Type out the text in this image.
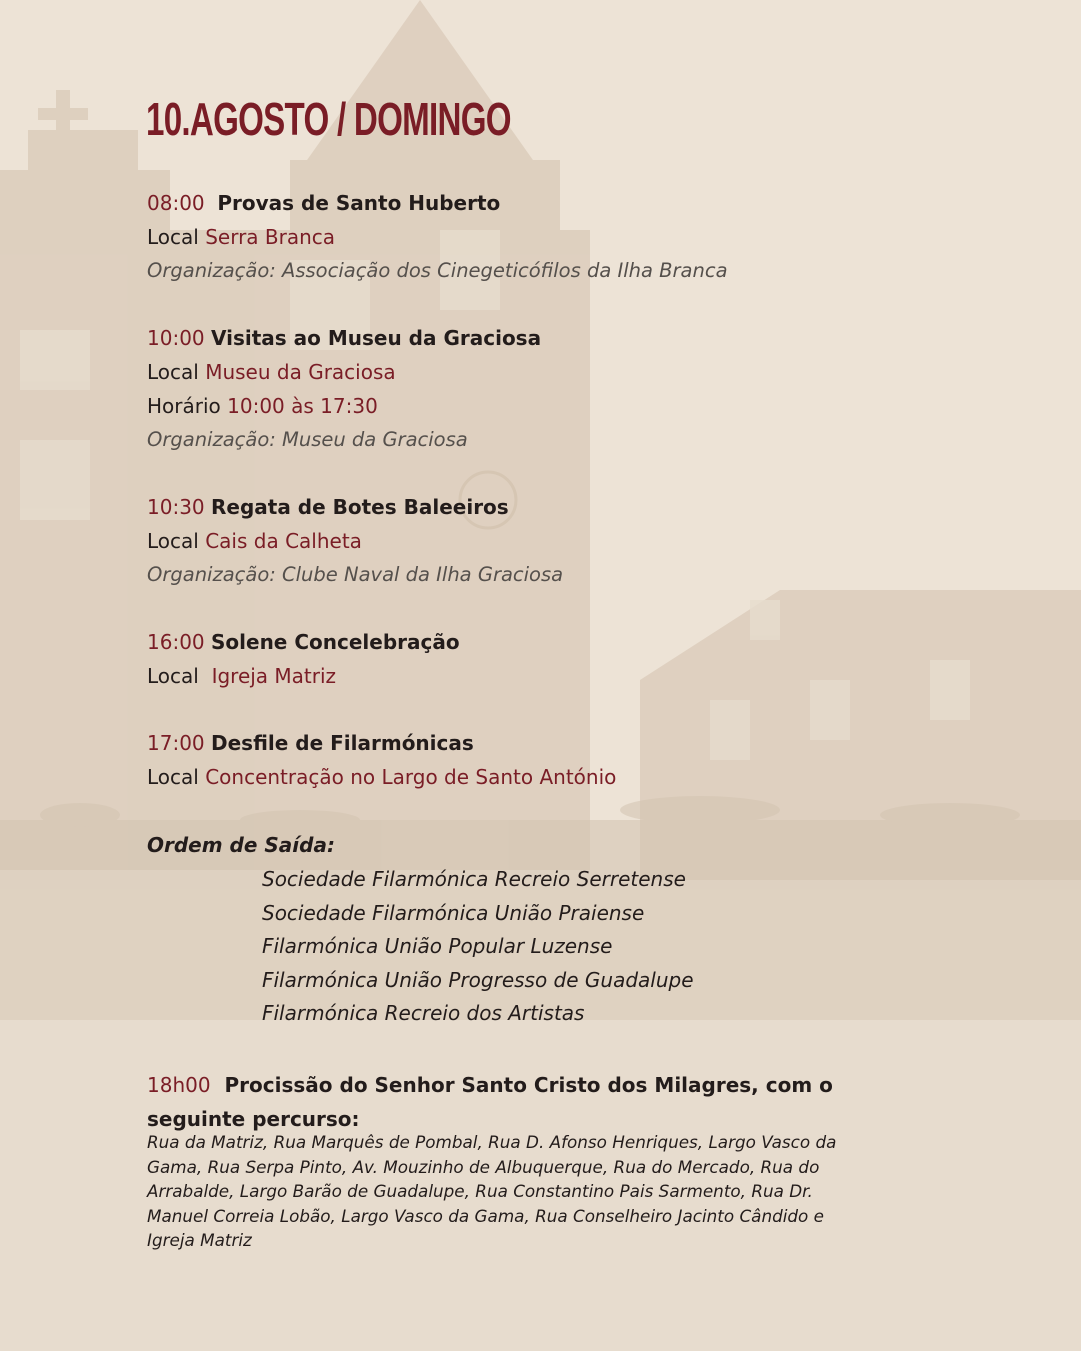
10.AGOSTO / DOMINGO
08:00 Provas de Santo Huberto
Local Serra Branca
Organização: Associação dos Cinegeticófilos da Ilha Branca
10:00 Visitas ao Museu da Graciosa
Local Museu da Graciosa
Horário 10:00 às 17:30
Organização: Museu da Graciosa
10:30 Regata de Botes Baleeiros
Local Cais da Calheta
Organização: Clube Naval da Ilha Graciosa
16:00 Solene Concelebração
Local Igreja Matriz
17:00 Desfile de Filarmónicas
Local Concentração no Largo de Santo António
Ordem de Saída:
Sociedade Filarmónica Recreio Serretense
Sociedade Filarmónica União Praiense
Filarmónica União Popular Luzense
Filarmónica União Progresso de Guadalupe
Filarmónica Recreio dos Artistas
18h00 Procissão do Senhor Santo Cristo dos Milagres, com o seguinte percurso:
Rua da Matriz, Rua Marquês de Pombal, Rua D. Afonso Henriques, Largo Vasco da Gama, Rua Serpa Pinto, Av. Mouzinho de Albuquerque, Rua do Mercado, Rua do Arrabalde, Largo Barão de Guadalupe, Rua Constantino Pais Sarmento, Rua Dr. Manuel Correia Lobão, Largo Vasco da Gama, Rua Conselheiro Jacinto Cândido e Igreja Matriz
